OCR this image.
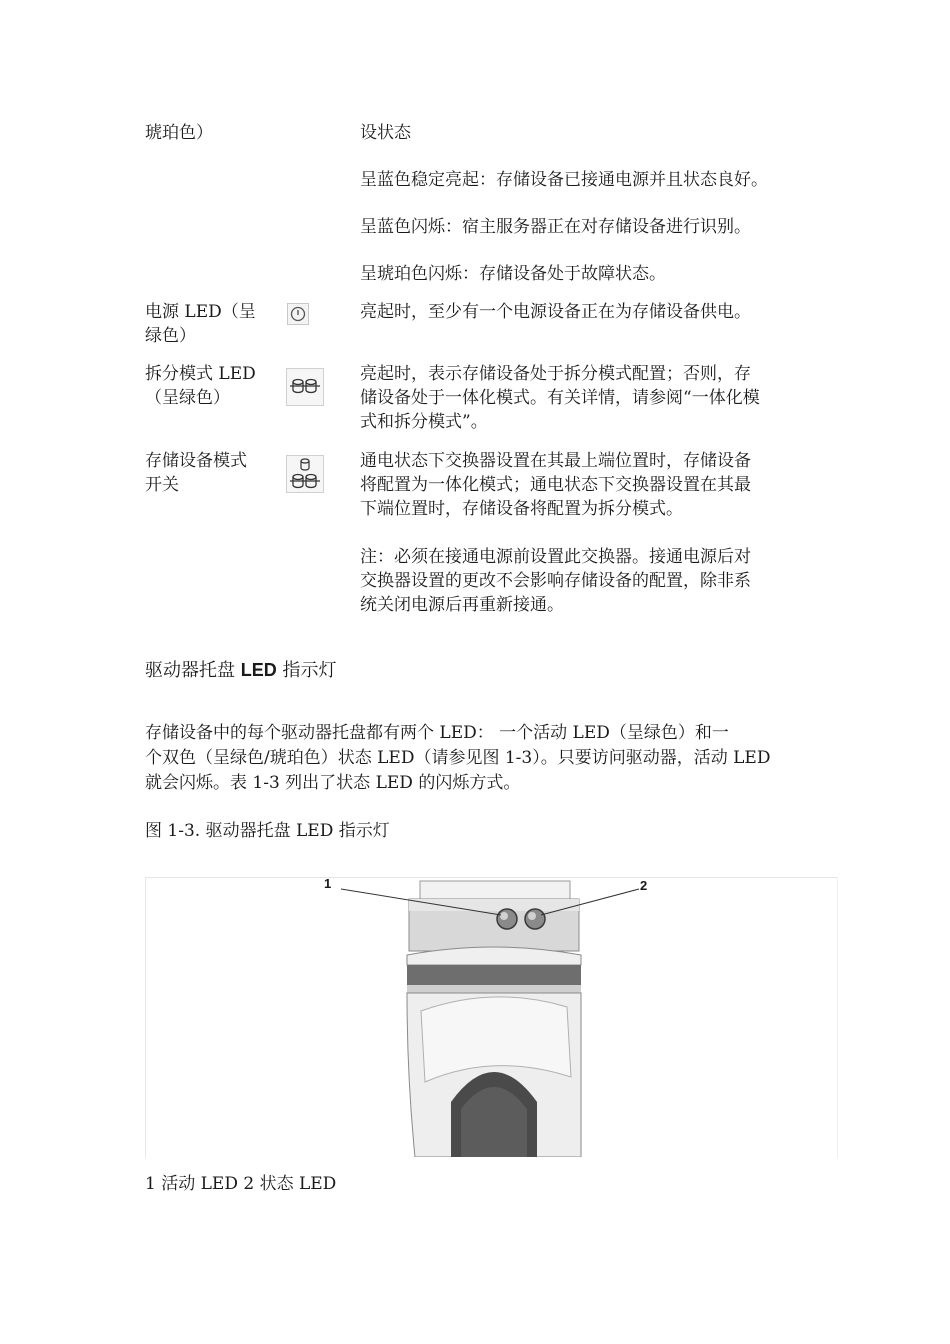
琥珀色）	设状态
呈蓝色稳定亮起：存储设备已接通电源并且状态良好。
呈蓝色闪烁：宿主服务器正在对存储设备进行识别。
呈琥珀色闪烁：存储设备处于故障状态。
电源 LED（呈
绿色）
亮起时，至少有一个电源设备正在为存储设备供电。
拆分模式 LED
（呈绿色）
亮起时，表示存储设备处于拆分模式配置；否则，存
储设备处于一体化模式。有关详情，请参阅“一体化模
式和拆分模式”。
存储设备模式
开关
通电状态下交换器设置在其最上端位置时，存储设备
将配置为一体化模式；通电状态下交换器设置在其最
下端位置时，存储设备将配置为拆分模式。
注：必须在接通电源前设置此交换器。接通电源后对
交换器设置的更改不会影响存储设备的配置，除非系
统关闭电源后再重新接通。
驱动器托盘 LED 指示灯
存储设备中的每个驱动器托盘都有两个 LED： 一个活动 LED（呈绿色）和一
个双色（呈绿色/琥珀色）状态 LED（请参见图 1-3）。只要访问驱动器，活动 LED
就会闪烁。表 1-3 列出了状态 LED 的闪烁方式。
图 1-3. 驱动器托盘 LED 指示灯
1	2
1 活动 LED 2 状态 LED
